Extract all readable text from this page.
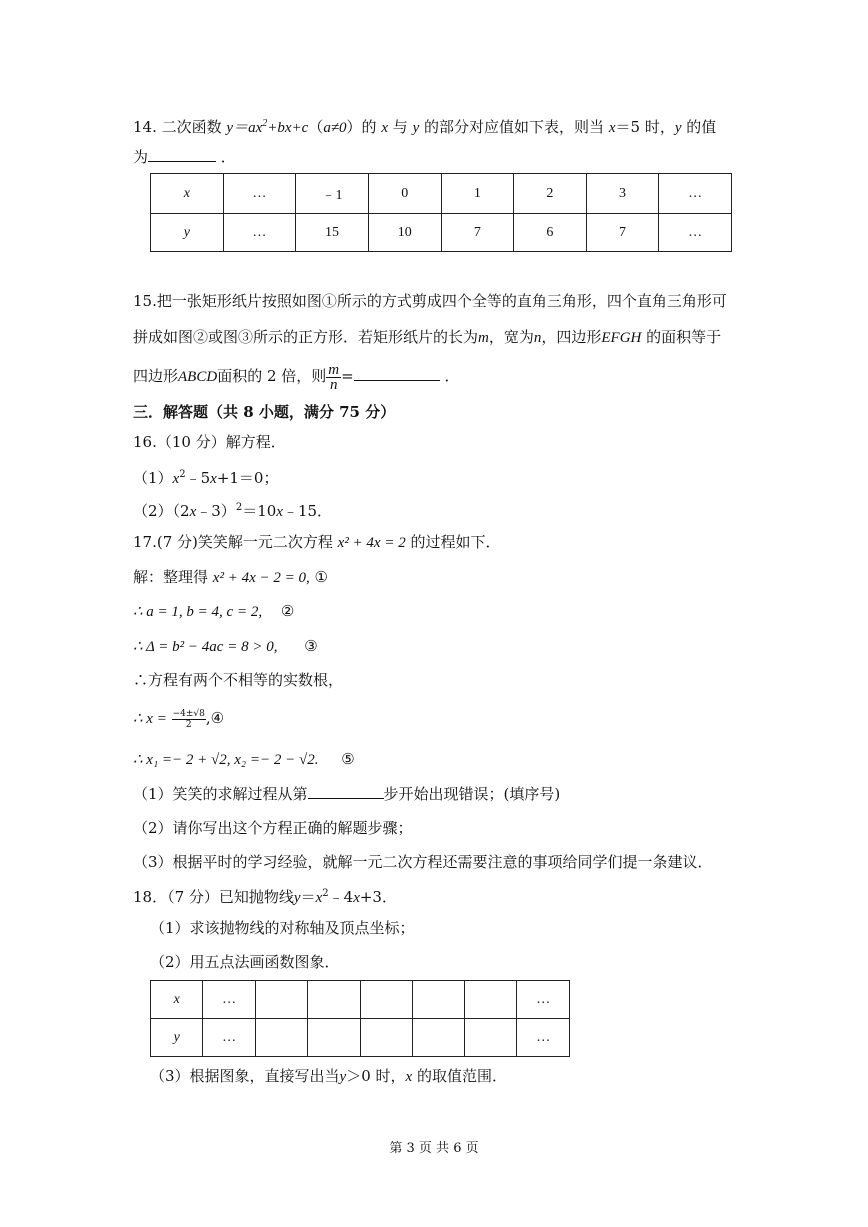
14. 二次函数 $y=ax^2+bx+c(a\ne 0)$的 x 与 y 的部分对应值如下表，则当 x＝5 时，y 的值
为	．
x	…	﹣1	0	1	2	3	…
y	…	15	10	7	6	7	…
15.把一张矩形纸片按照如图①所示的方式剪成四个全等的直角三角形，四个直角三角形可
拼成如图②或图③所示的正方形．若矩形纸片的长为m，宽为n，四边形EFGH 的面积等于
四边形ABCD面积的 2 倍，则 $\frac{m}{n}$ =	．
三．解答题（共 8 小题，满分 75 分）
16.（10 分）解方程．
$(1)x^2﹣5x+1=0$；
（2）（2x﹣3）$^2$＝10x﹣15．
17.(7 分)笑笑解一元二次方程 x² + 4x = 2 的过程如下．
解：整理得 x² + 4x − 2 = 0, ①
∴ a = 1, b = 4, c = 2, ②
∴ Δ = b² − 4ac = 8 > 0, ③
∴方程有两个不相等的实数根，
∴ $x = \frac{-4\pm√8}{2}$ ,④
∴ x₁ =− 2 + √2, x₂ =− 2 − √2. ⑤
（1）笑笑的求解过程从第	步开始出现错误；(填序号)
（2）请你写出这个方程正确的解题步骤；
（3）根据平时的学习经验，就解一元二次方程还需要注意的事项给同学们提一条建议．
18．（7 分）已知抛物线$y=x^2﹣4x+3$．
（1）求该抛物线的对称轴及顶点坐标；
（2）用五点法画函数图象．
x	…						…
y	…						…
（3）根据图象，直接写出当y＞0 时，x 的取值范围．
第 3 页 共 6 页
